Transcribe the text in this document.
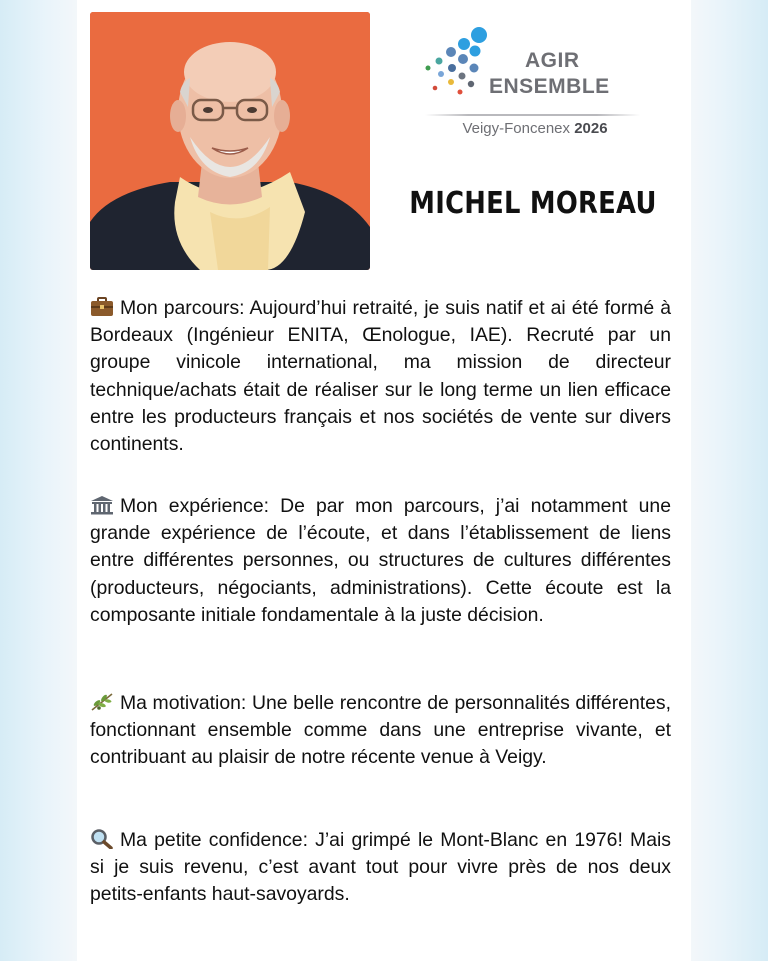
AGIR
ENSEMBLE
Veigy-Foncenex 2026
MICHEL MOREAU
Mon parcours: Aujourd’hui retraité, je suis natif et ai été formé à Bordeaux (Ingénieur ENITA, Œnologue, IAE). Recruté par un groupe vinicole international, ma mission de directeur technique/achats était de réaliser sur le long terme un lien efficace entre les producteurs français et nos sociétés de vente sur divers continents.
Mon expérience: De par mon parcours, j’ai notamment une grande expérience de l’écoute, et dans l’établissement de liens entre différentes personnes, ou structures de cultures différentes (producteurs, négociants, administrations). Cette écoute est la composante initiale fondamentale à la juste décision.
Ma motivation: Une belle rencontre de personnalités différentes, fonctionnant ensemble comme dans une entreprise vivante, et contribuant au plaisir de notre récente venue à Veigy.
Ma petite confidence: J’ai grimpé le Mont-Blanc en 1976! Mais si je suis revenu, c’est avant tout pour vivre près de nos deux petits-enfants haut-savoyards.
